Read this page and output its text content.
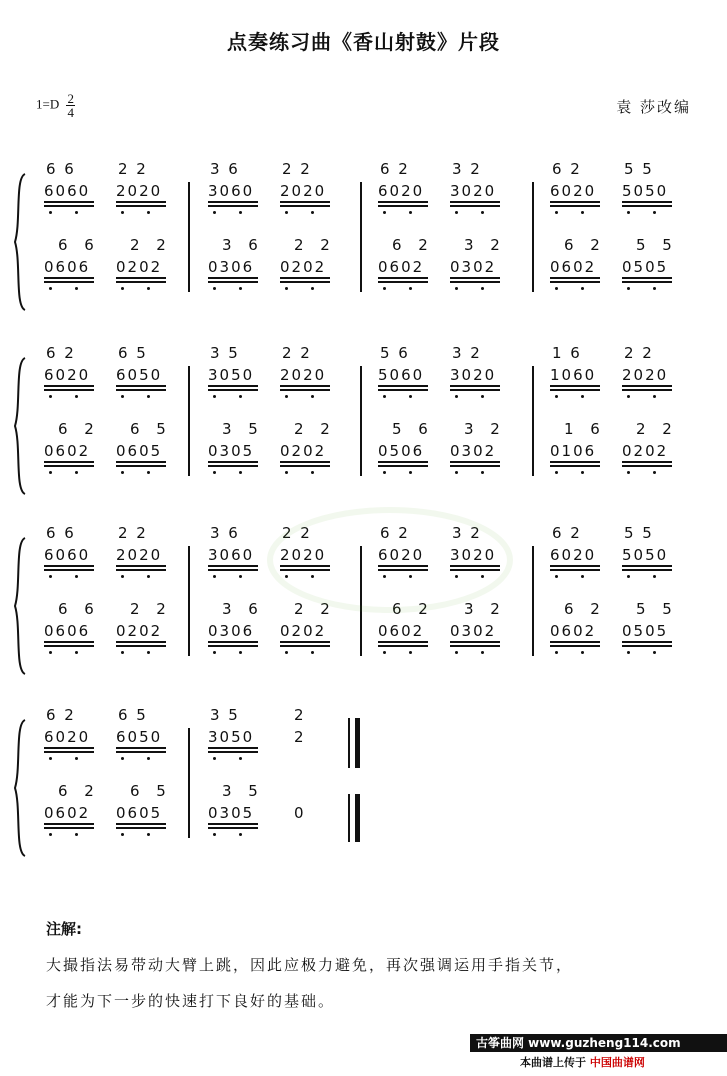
点奏练习曲《香山射鼓》片段
$1=D \frac{2}{4}$	袁 莎改编
6 6
6060
2 2
2020
6 6
0606
2 2
0202
3 6
3060
2 2
2020
3 6
0306
2 2
0202
6 2
6020
3 2
3020
6 2
0602
3 2
0302
6 2
6020
5 5
5050
6 2
0602
5 5
0505
6 2
6020
6 5
6050
6 2
0602
6 5
0605
3 5
3050
2 2
2020
3 5
0305
2 2
0202
5 6
5060
3 2
3020
5 6
0506
3 2
0302
1 6
1060
2 2
2020
1 6
0106
2 2
0202
6 6
6060
2 2
2020
6 6
0606
2 2
0202
3 6
3060
2 2
2020
3 6
0306
2 2
0202
6 2
6020
3 2
3020
6 2
0602
3 2
0302
6 2
6020
5 5
5050
6 2
0602
5 5
0505
6 2
6020
6 5
6050
6 2
0602
6 5
0605
3 5
3050
2
2
3 5
0305	0
注解:
大撮指法易带动大臂上跳，因此应极力避免，再次强调运用手指关节，
才能为下一步的快速打下良好的基础。
古筝曲网 www.guzheng114.com
本曲谱上传于 中国曲谱网
